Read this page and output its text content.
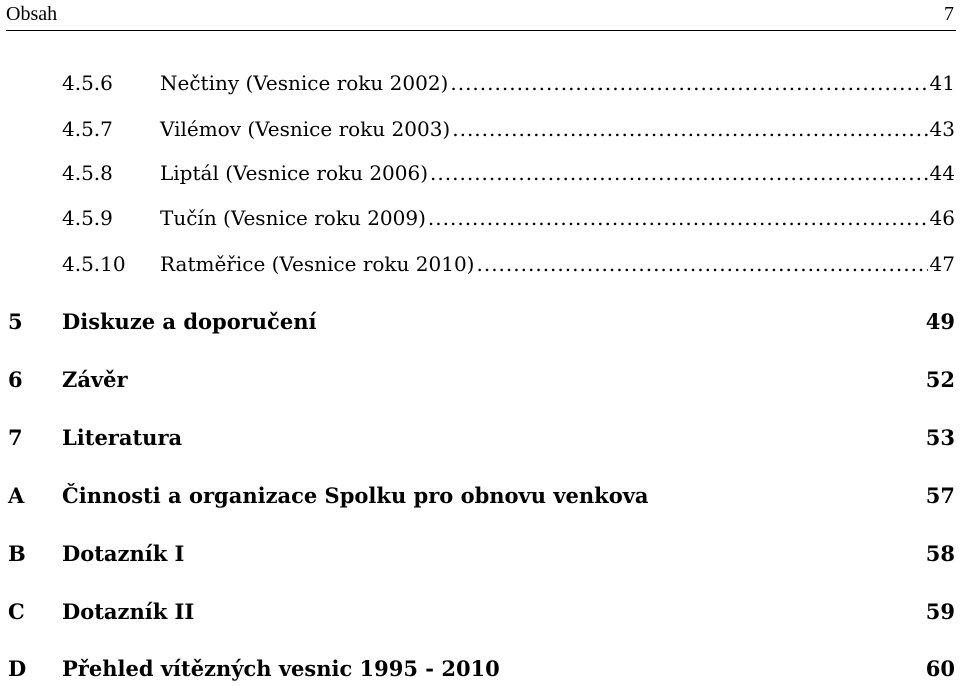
Obsah	7
4.5.6 Nečtiny (Vesnice roku 2002) .....	41
4.5.7 Vilémov (Vesnice roku 2003) .....	43
4.5.8 Liptál (Vesnice roku 2006) .....	44
4.5.9 Tučín (Vesnice roku 2009) .....	46
4.5.10 Ratměřice (Vesnice roku 2010) .....	47
5 Diskuze a doporučení	49
6 Závěr	52
7 Literatura	53
A Činnosti a organizace Spolku pro obnovu venkova	57
B Dotazník I	58
C Dotazník II	59
D Přehled vítězných vesnic 1995 - 2010	60
